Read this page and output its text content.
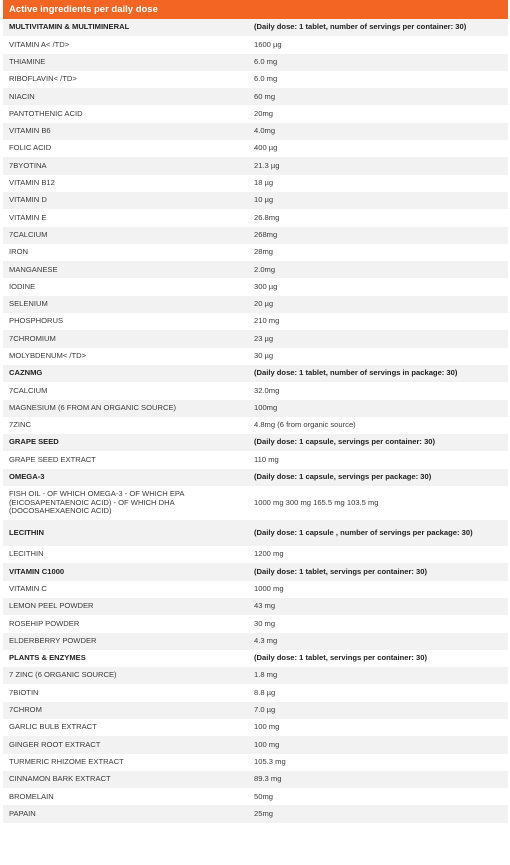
Active ingredients per daily dose
MULTIVITAMIN & MULTIMINERAL	(Daily dose: 1 tablet, number of servings per container: 30)
VITAMIN A< /TD>	1600 µg
THIAMINE	6.0 mg
RIBOFLAVIN< /TD>	6.0 mg
NIACIN	60 mg
PANTOTHENIC ACID	20mg
VITAMIN B6	4.0mg
FOLIC ACID	400 µg
7BYOTINA	21.3 µg
VITAMIN B12	18 µg
VITAMIN D	10 µg
VITAMIN E	26.8mg
7CALCIUM	268mg
IRON	28mg
MANGANESE	2.0mg
IODINE	300 µg
SELENIUM	20 µg
PHOSPHORUS	210 mg
7CHROMIUM	23 µg
MOLYBDENUM< /TD>	30 µg
CAZNMG	(Daily dose: 1 tablet, number of servings in package: 30)
7CALCIUM	32.0mg
MAGNESIUM (6 FROM AN ORGANIC SOURCE)	100mg
7ZINC	4.8mg (6 from organic source)
GRAPE SEED	(Daily dose: 1 capsule, servings per container: 30)
GRAPE SEED EXTRACT	110 mg
OMEGA-3	(Daily dose: 1 capsule, servings per package: 30)
FISH OIL - OF WHICH OMEGA-3 - OF WHICH EPA (EICOSAPENTAENOIC ACID) - OF WHICH DHA (DOCOSAHEXAENOIC ACID)	1000 mg 300 mg 165.5 mg 103.5 mg
LECITHIN	(Daily dose: 1 capsule , number of servings per package: 30)
LECITHIN	1200 mg
VITAMIN C1000	(Daily dose: 1 tablet, servings per container: 30)
VITAMIN C	1000 mg
LEMON PEEL POWDER	43 mg
ROSEHIP POWDER	30 mg
ELDERBERRY POWDER	4.3 mg
PLANTS & ENZYMES	(Daily dose: 1 tablet, servings per container: 30)
7 ZINC (6 ORGANIC SOURCE)	1.8 mg
7BIOTIN	8.8 µg
7CHROM	7.0 µg
GARLIC BULB EXTRACT	100 mg
GINGER ROOT EXTRACT	100 mg
TURMERIC RHIZOME EXTRACT	105.3 mg
CINNAMON BARK EXTRACT	89.3 mg
BROMELAIN	50mg
PAPAIN	25mg
